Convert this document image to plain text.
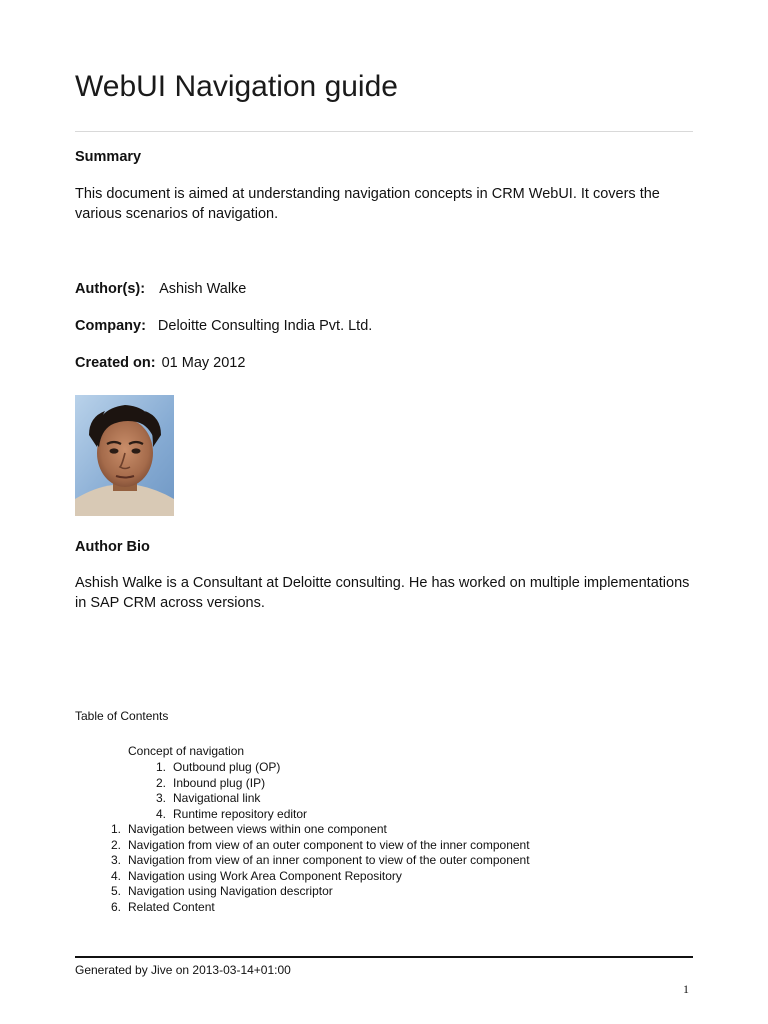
WebUI Navigation guide
Summary
This document is aimed at understanding navigation concepts in CRM WebUI. It covers the various scenarios of navigation.
Author(s): Ashish Walke
Company: Deloitte Consulting India Pvt. Ltd.
Created on: 01 May 2012
Author Bio
Ashish Walke is a Consultant at Deloitte consulting. He has worked on multiple implementations in SAP CRM across versions.
Table of Contents
Concept of navigation
1. Outbound plug (OP)
2. Inbound plug (IP)
3. Navigational link
4. Runtime repository editor
1. Navigation between views within one component
2. Navigation from view of an outer component to view of the inner component
3. Navigation from view of an inner component to view of the outer component
4. Navigation using Work Area Component Repository
5. Navigation using Navigation descriptor
6. Related Content
Generated by Jive on 2013-03-14+01:00
1
